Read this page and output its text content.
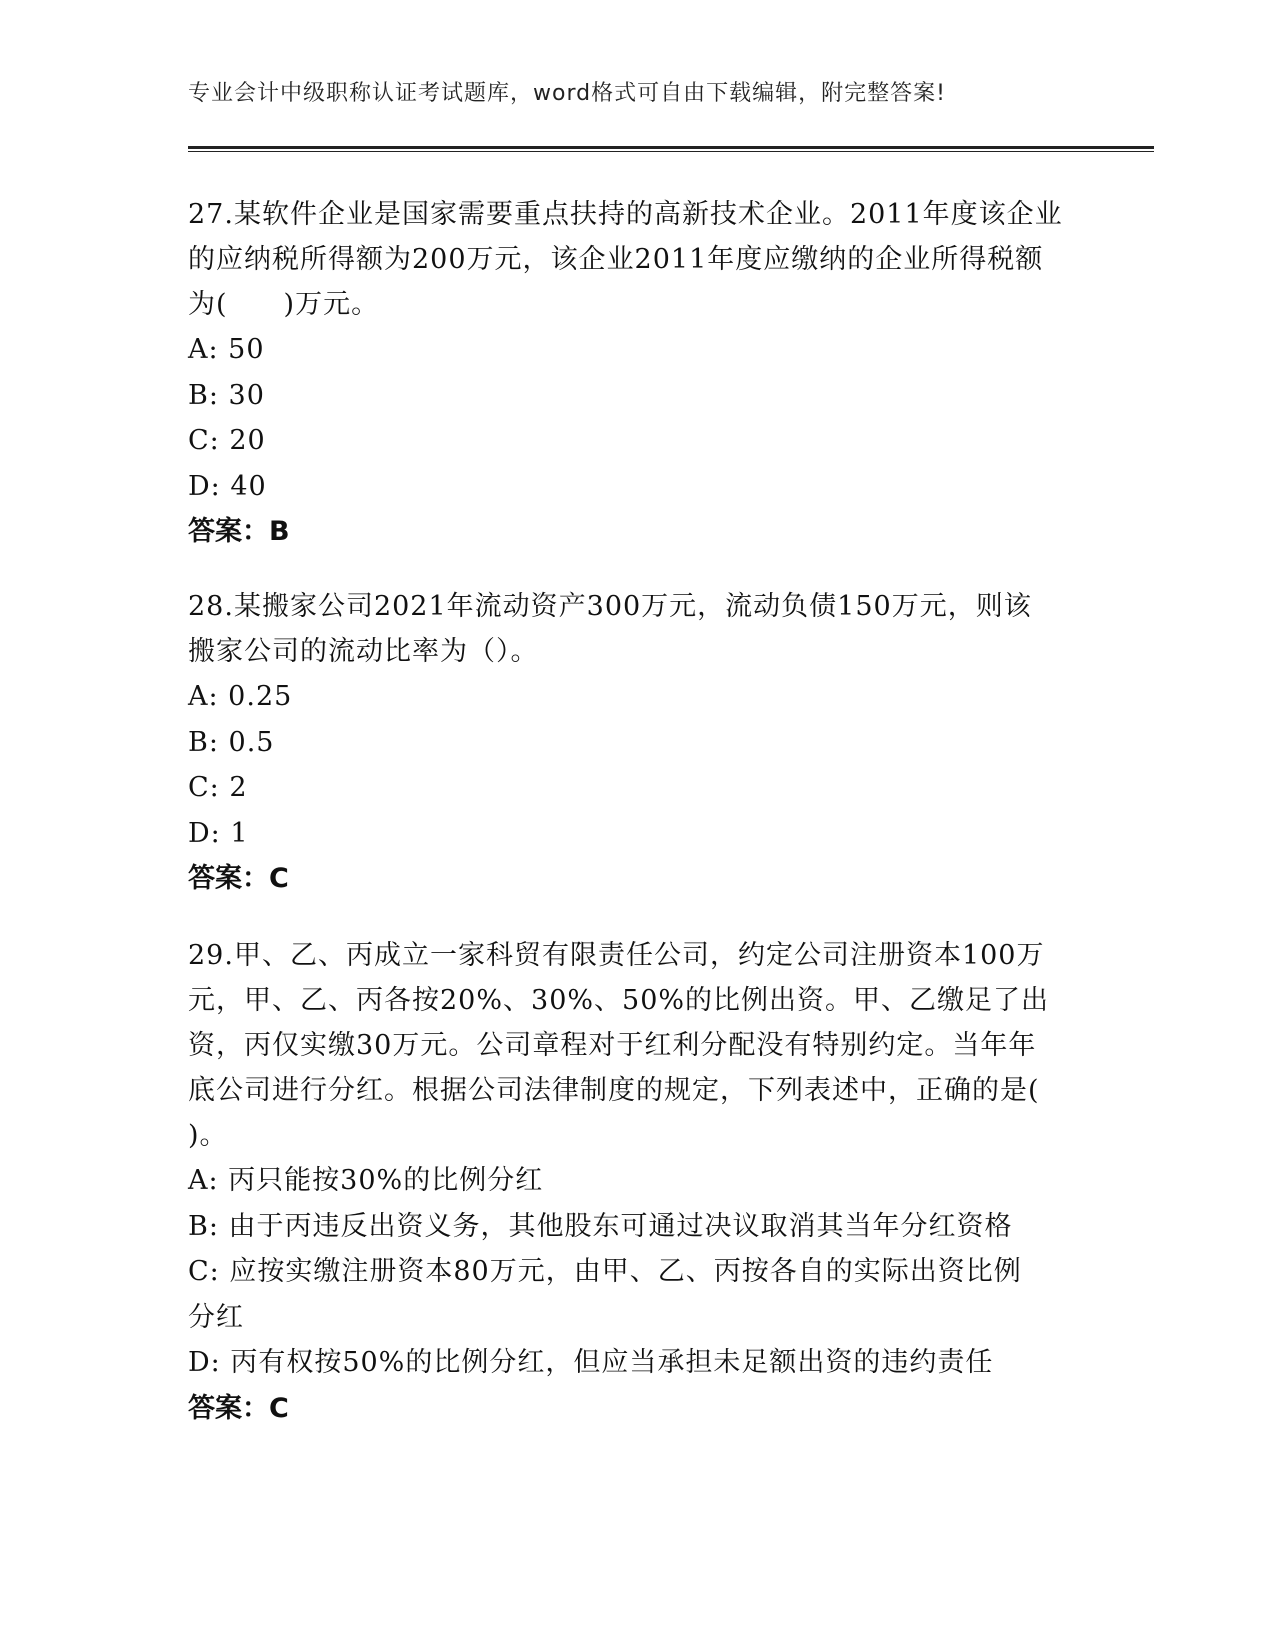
专业会计中级职称认证考试题库，word格式可自由下载编辑，附完整答案!

27.某软件企业是国家需要重点扶持的高新技术企业。2011年度该企业

的应纳税所得额为200万元，该企业2011年度应缴纳的企业所得税额

为(　　)万元。

A: 50

B: 30

C: 20

D: 40

答案：B

28.某搬家公司2021年流动资产300万元，流动负债150万元，则该

搬家公司的流动比率为（）。

A: 0.25

B: 0.5

C: 2

D: 1

答案：C

29.甲、乙、丙成立一家科贸有限责任公司，约定公司注册资本100万

元，甲、乙、丙各按20%、30%、50%的比例出资。甲、乙缴足了出

资，丙仅实缴30万元。公司章程对于红利分配没有特别约定。当年年

底公司进行分红。根据公司法律制度的规定，下列表述中，正确的是(

)。

A: 丙只能按30%的比例分红

B: 由于丙违反出资义务，其他股东可通过决议取消其当年分红资格

C: 应按实缴注册资本80万元，由甲、乙、丙按各自的实际出资比例

分红

D: 丙有权按50%的比例分红，但应当承担未足额出资的违约责任

答案：C
